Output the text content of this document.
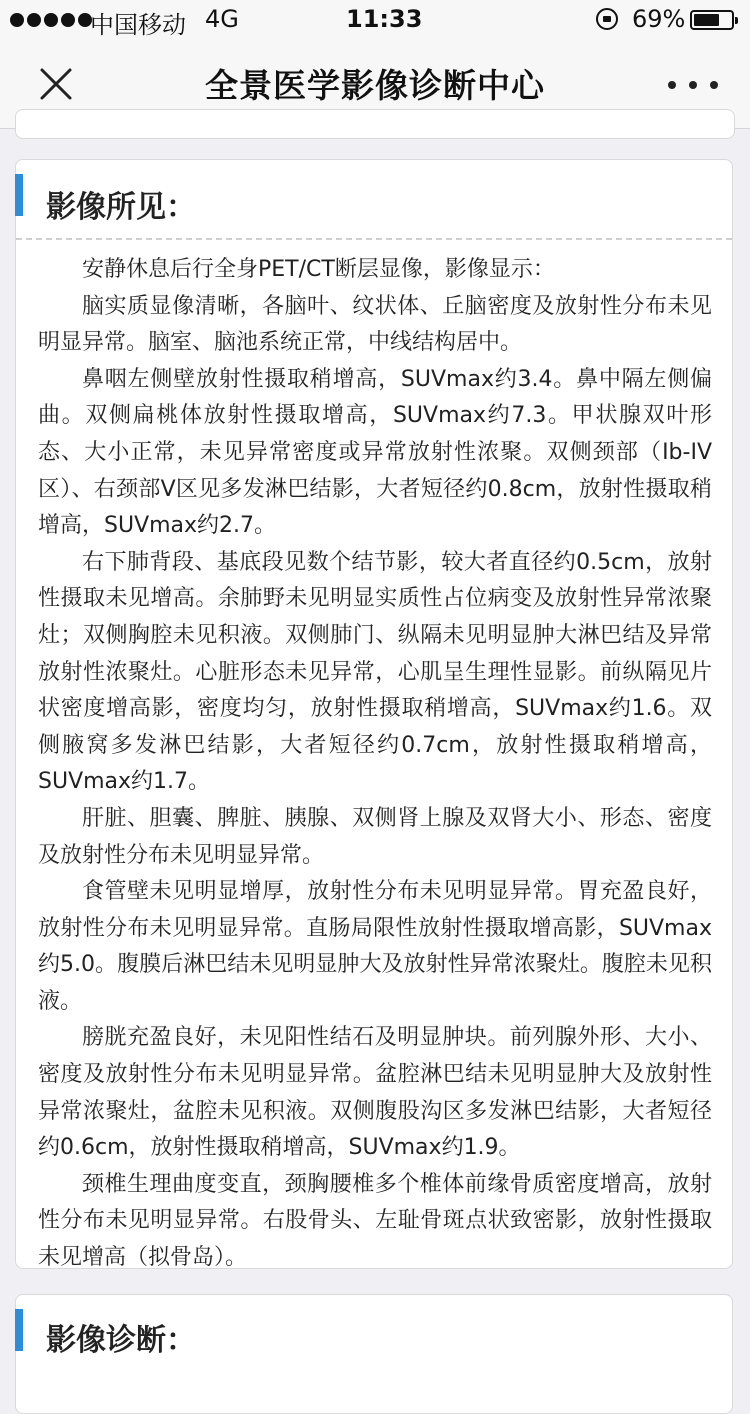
中国移动 4G	11:33	69%
全景医学影像诊断中心
影像所见：

安静休息后行全身PET/CT断层显像，影像显示：

脑实质显像清晰，各脑叶、纹状体、丘脑密度及放射性分布未见明显异常。脑室、脑池系统正常，中线结构居中。

鼻咽左侧壁放射性摄取稍增高，SUVmax约3.4。鼻中隔左侧偏曲。双侧扁桃体放射性摄取增高，SUVmax约7.3。甲状腺双叶形态、大小正常，未见异常密度或异常放射性浓聚。双侧颈部（Ib-IV区）、右颈部V区见多发淋巴结影，大者短径约0.8cm，放射性摄取稍增高，SUVmax约2.7。

右下肺背段、基底段见数个结节影，较大者直径约0.5cm，放射性摄取未见增高。余肺野未见明显实质性占位病变及放射性异常浓聚灶；双侧胸腔未见积液。双侧肺门、纵隔未见明显肿大淋巴结及异常放射性浓聚灶。心脏形态未见异常，心肌呈生理性显影。前纵隔见片状密度增高影，密度均匀，放射性摄取稍增高，SUVmax约1.6。双侧腋窝多发淋巴结影，大者短径约0.7cm，放射性摄取稍增高，SUVmax约1.7。

肝脏、胆囊、脾脏、胰腺、双侧肾上腺及双肾大小、形态、密度及放射性分布未见明显异常。

食管壁未见明显增厚，放射性分布未见明显异常。胃充盈良好，放射性分布未见明显异常。直肠局限性放射性摄取增高影，SUVmax约5.0。腹膜后淋巴结未见明显肿大及放射性异常浓聚灶。腹腔未见积液。

膀胱充盈良好，未见阳性结石及明显肿块。前列腺外形、大小、密度及放射性分布未见明显异常。盆腔淋巴结未见明显肿大及放射性异常浓聚灶，盆腔未见积液。双侧腹股沟区多发淋巴结影，大者短径约0.6cm，放射性摄取稍增高，SUVmax约1.9。

颈椎生理曲度变直，颈胸腰椎多个椎体前缘骨质密度增高，放射性分布未见明显异常。右股骨头、左耻骨斑点状致密影，放射性摄取未见增高（拟骨岛）。

影像诊断：
